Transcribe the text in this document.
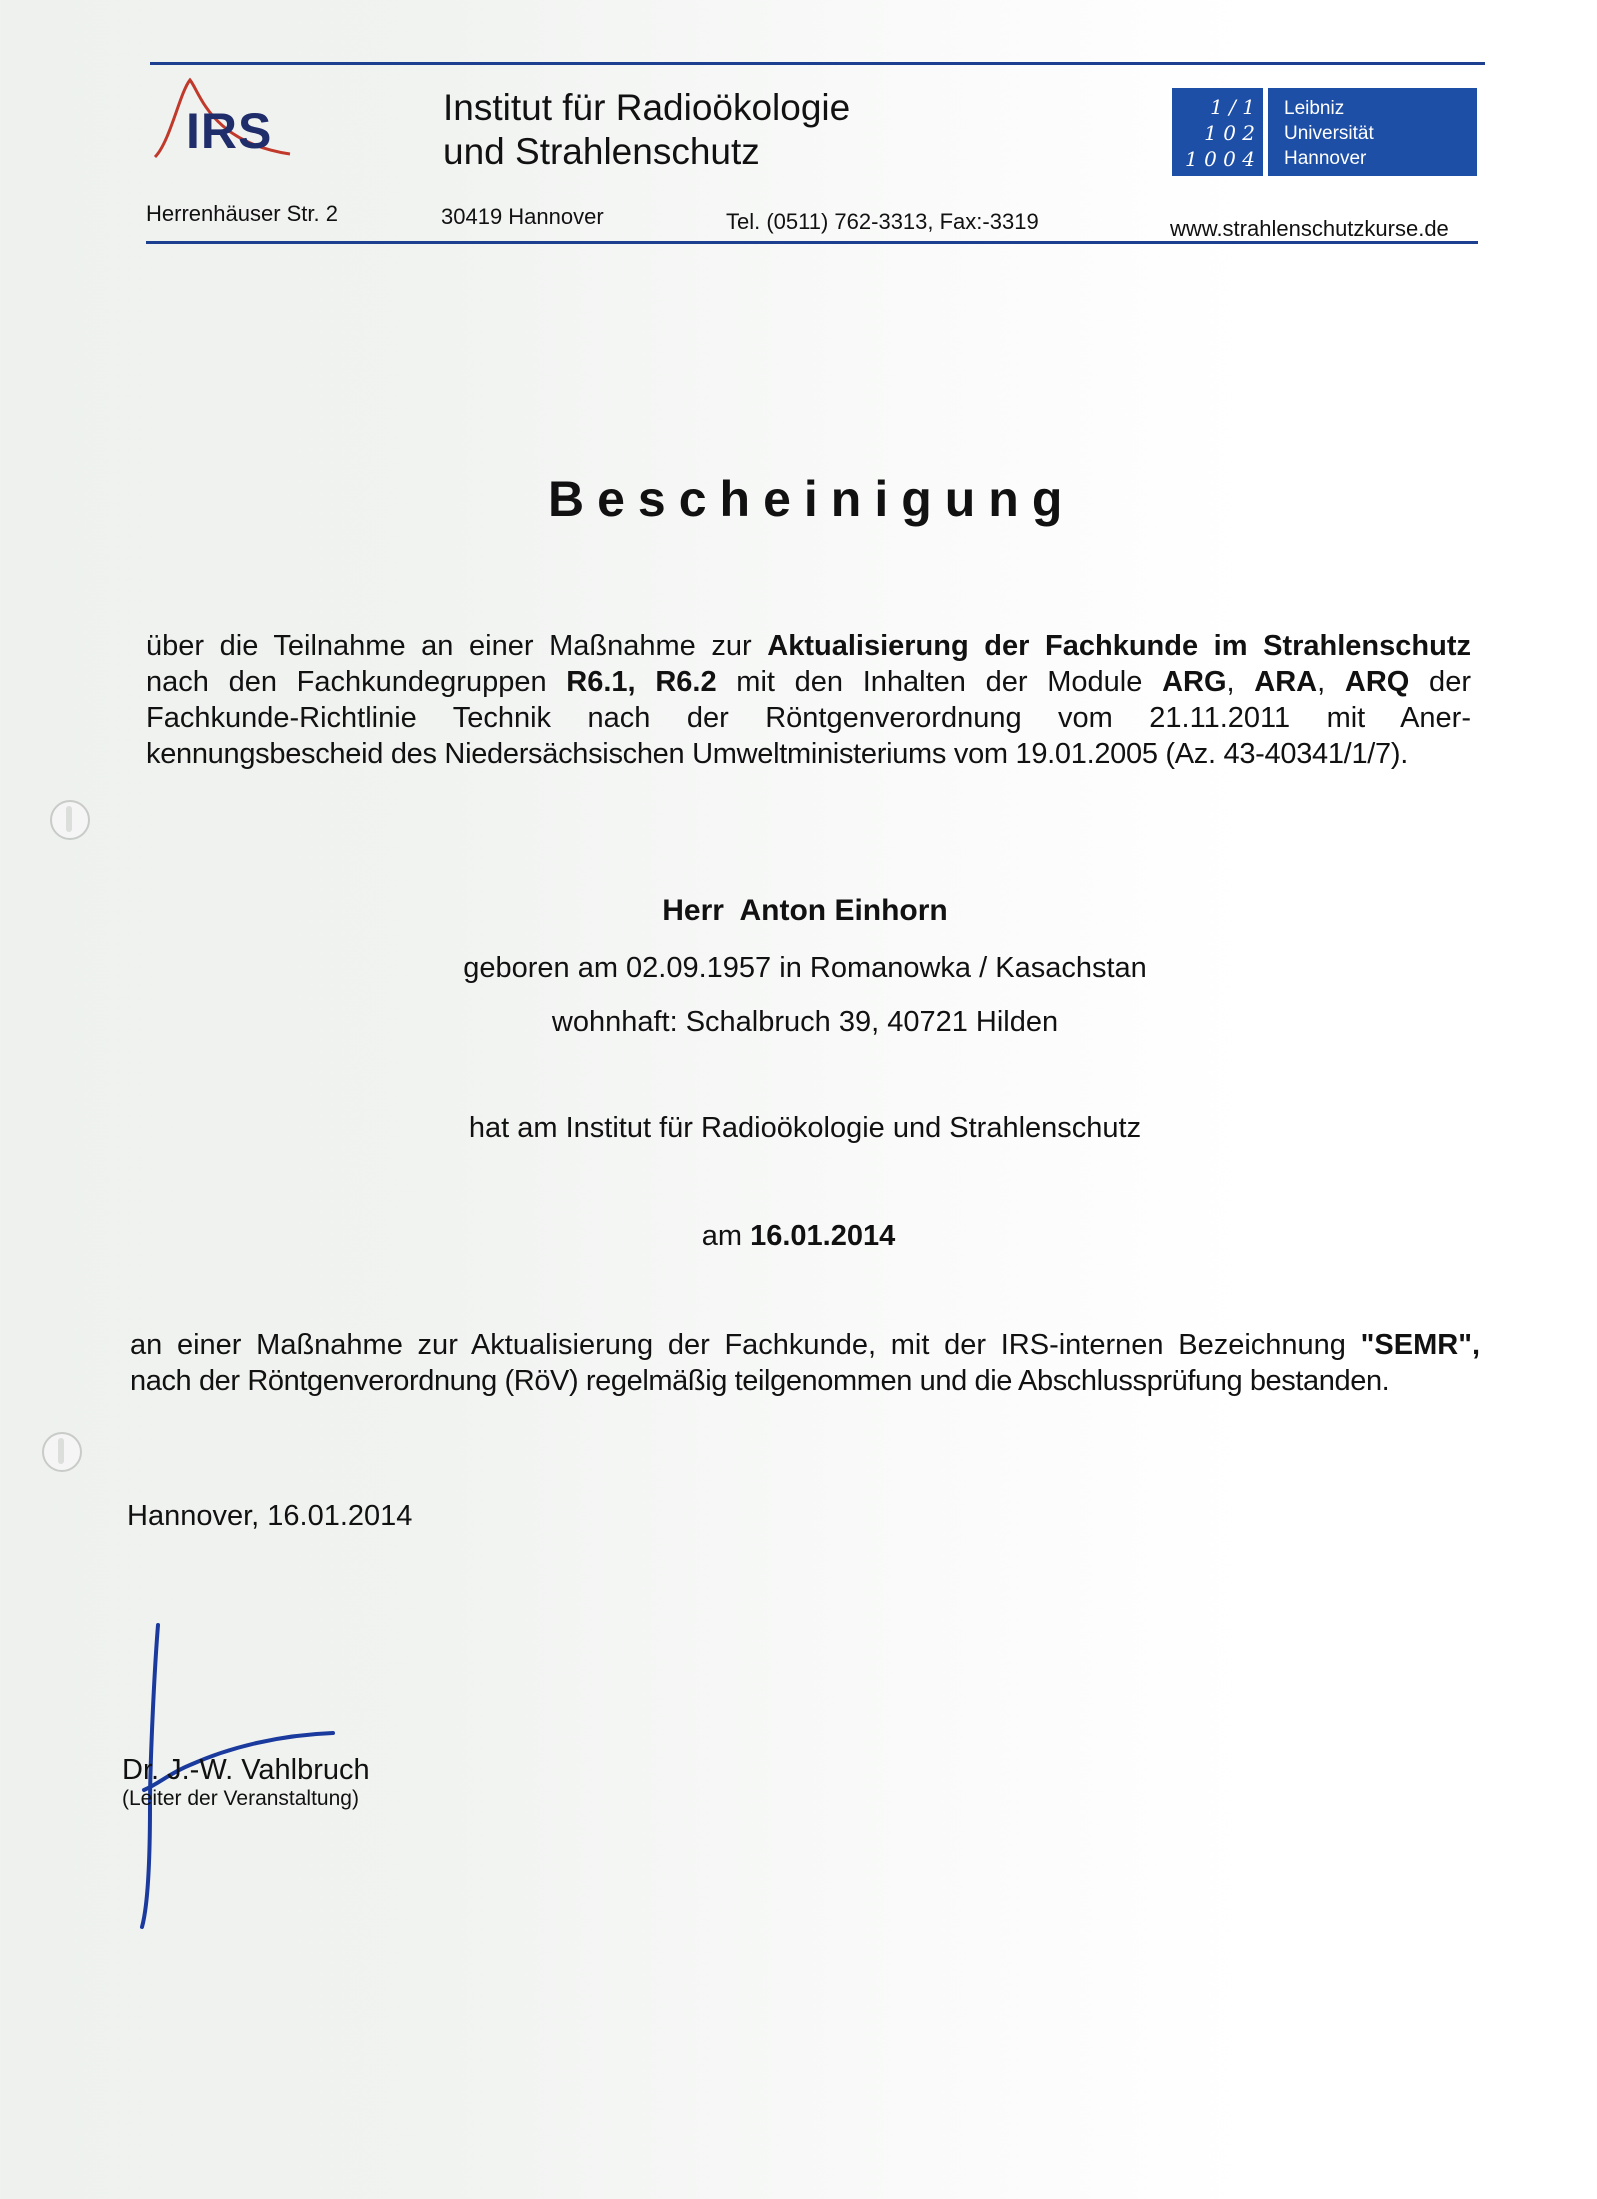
IRS	Institut für Radioökologie
und Strahlenschutz
1 / 1
1 0 2
1 0 0 4
Leibniz
Universität
Hannover
Herrenhäuser Str. 2	30419 Hannover	Tel. (0511) 762-3313, Fax:-3319	www.strahlenschutzkurse.de
Bescheinigung
über die Teilnahme an einer Maßnahme zur Aktualisierung der Fachkunde im Strahlenschutz
nach den Fachkundegruppen R6.1, R6.2 mit den Inhalten der Module ARG, ARA, ARQ der
Fachkunde-Richtlinie Technik nach der Röntgenverordnung vom 21.11.2011 mit Aner-
kennungsbescheid des Niedersächsischen Umweltministeriums vom 19.01.2005 (Az. 43-40341/1/7).
Herr  Anton Einhorn
geboren am 02.09.1957 in Romanowka / Kasachstan
wohnhaft: Schalbruch 39, 40721 Hilden
hat am Institut für Radioökologie und Strahlenschutz
am 16.01.2014
an einer Maßnahme zur Aktualisierung der Fachkunde, mit der IRS-internen Bezeichnung "SEMR",
nach der Röntgenverordnung (RöV) regelmäßig teilgenommen und die Abschlussprüfung bestanden.
Hannover, 16.01.2014
Dr. J.-W. Vahlbruch
(Leiter der Veranstaltung)
